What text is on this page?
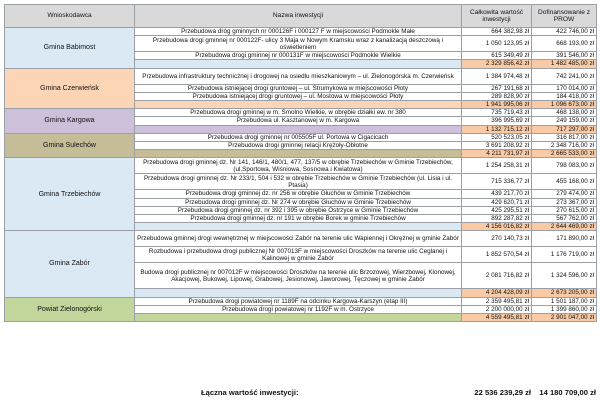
Wnioskodawca	Nazwa inwestycji	Całkowita wartość inwestycji	Dofinansowanie z PROW
Gmina Babimost	Przebudowa dróg gminnych nr 000126F i 000127 F w miejscowości Podmokle Małe	664 382,98 zł	422 746,00 zł
	Przebudowa drogi gminnej nr 000122F- ulicy 3 Maja w Nowym Kramsku wraz z kanalizacją deszczową i oświetleniem	1 050 123,95 zł	668 193,00 zł
	Przebudowa drogi gminnej nr 000131F w miejscowości Podmokle Wielkie	615 349,49 zł	391 546,00 zł
		2 329 856,42 zł	1 482 485,00 zł
Gmina Czerwieńsk	Przebudowa infrastruktury technicznej i drogowej na osiedlu mieszkaniowym – ul. Zielonogórska m. Czerwieńsk	1 384 974,48 zł	742 241,00 zł
	Przebudowa istniejącej drogi gruntowej – ul. Strumykowa w miejscowości Płoty	267 191,68 zł	170 014,00 zł
	Przebudowa istniejącej drogi gruntowej – ul. Mostowa w miejscowości Płoty	289 828,90 zł	184 418,00 zł
		1 941 995,06 zł	1 096 673,00 zł
Gmina Kargowa	Przebudowa drogi gminnej w m. Smolno Wielkie, w obrębie działki ew. nr 380	735 719,43 zł	468 138,00 zł
	Przebudowa ul. Kasztanowej w m. Kargowa	396 995,69 zł	249 159,00 zł
		1 132 715,12 zł	717 297,00 zł
Gmina Sulechów	Przebudowa drogi gminnej nr 005505F ul. Portowa w Cigacicach	520 523,05 zł	316 817,00 zł
	Przebudowa drogi gminnej relacji Krężoły-Obłotne	3 691 208,92 zł	2 348 716,00 zł
		4 211 731,97 zł	2 665 533,00 zł
Gmina Trzebiechów	Przebudowa drogi gminnej dz. Nr 141, 146/1, 480/1, 477, 137/5 w obrębie Trzebiechów w Gminie Trzebiechów, (ul.Sportowa, Wiśniowa, Sosnowa i Kwiatowa)	1 254 258,31 zł	798 083,00 zł
	Przebudowa drogi gminnej dz. Nr 233/1, 504 i 532 w obrębie Trzebiechów w Gminie Trzebiechów (ul. Lisia i ul. Ptasia)	715 336,77 zł	455 168,00 zł
	Przebudowa drogi gminnej dz. nr 256 w obrębie Głuchów w Gminie Trzebiechów	439 217,70 zł	279 474,00 zł
	Przebudowa drogi gminnej dz. Nr 274 w obrębie Głuchów w Gminie Trzebiechów	429 620,71 zł	273 367,00 zł
	Przebudowa drogi gminnej dz. nr 392 i 395 w obrębie Ostrzyce w Gminie Trzebiechów	425 295,51 zł	270 615,00 zł
	Przebudowa drogi gminnej dz. nr 191 w obrębie Borek w gminie Trzebiechów	892 287,82 zł	567 762,00 zł
		4 156 016,82 zł	2 644 469,00 zł
Gmina Zabór	Przebudowa gminnej drogi wewnętrznej w miejscowości Zabór na terenie ulic Wapiennej i Okrężnej w gminie Zabór	270 140,73 zł	171 890,00 zł
	Rozbudowa i przebudowa drogi publicznej Nr 007013F w miejscowości Droszków na terenie ulic Ceglanej i Kalinowej w gminie Zabór	1 852 570,54 zł	1 176 719,00 zł
	Budowa drogi publicznej nr 007012F w miejscowości Droszków na terenie ulic Brzozowej, Wierzbowej, Klonowej, Akacjowej, Bukowej, Lipowej, Grabowej, Jesionowej, Jaworowej, Tęczowej w gminie Zabór	2 081 716,82 zł	1 324 596,00 zł
		4 204 428,09 zł	2 673 205,00 zł
Powiat Zielonogórski	Przebudowa drogi powiatowej nr 1189F na odcinku Kargowa-Karszyn (etap III)	2 359 495,81 zł	1 501 187,00 zł
	Przebudowa drogi powiatowej nr 1192F w m. Ostrzyce	2 200 000,00 zł	1 399 860,00 zł
		4 559 495,81 zł	2 901 047,00 zł
Łączna wartość inwestycji:	22 536 239,29 zł 14 180 709,00 zł
